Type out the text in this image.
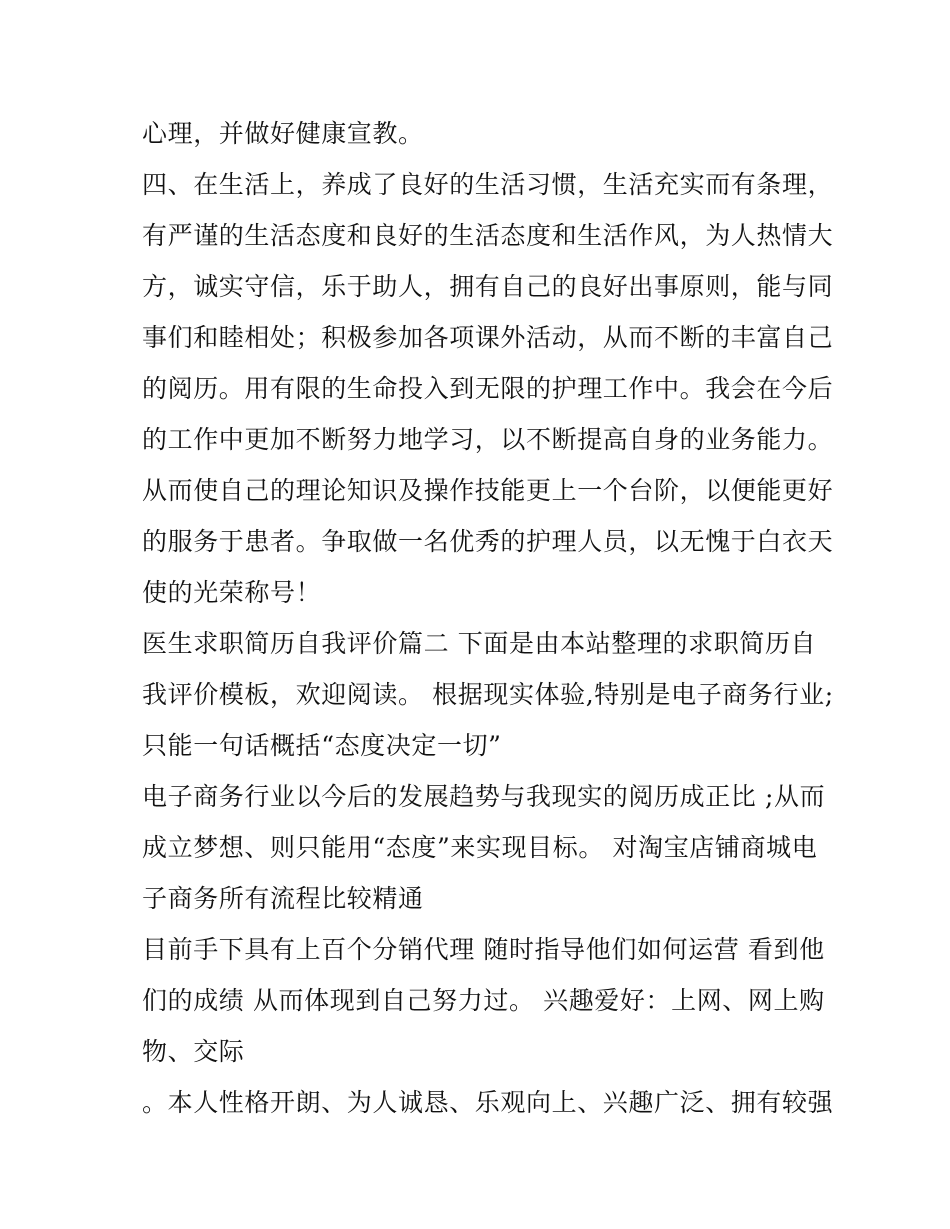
心理，并做好健康宣教。
四、在生活上，养成了良好的生活习惯，生活充实而有条理，
有严谨的生活态度和良好的生活态度和生活作风，为人热情大
方，诚实守信，乐于助人，拥有自己的良好出事原则，能与同
事们和睦相处；积极参加各项课外活动，从而不断的丰富自己
的阅历。用有限的生命投入到无限的护理工作中。我会在今后
的工作中更加不断努力地学习，以不断提高自身的业务能力。
从而使自己的理论知识及操作技能更上一个台阶，以便能更好
的服务于患者。争取做一名优秀的护理人员，以无愧于白衣天
使的光荣称号！
医生求职简历自我评价篇二 下面是由本站整理的求职简历自
我评价模板，欢迎阅读。 根据现实体验,特别是电子商务行业;
只能一句话概括“态度决定一切”
电子商务行业以今后的发展趋势与我现实的阅历成正比 ;从而
成立梦想、则只能用“态度”来实现目标。 对淘宝店铺商城电
子商务所有流程比较精通
目前手下具有上百个分销代理 随时指导他们如何运营 看到他
们的成绩 从而体现到自己努力过。 兴趣爱好：上网、网上购
物、交际
。本人性格开朗、为人诚恳、乐观向上、兴趣广泛、拥有较强
